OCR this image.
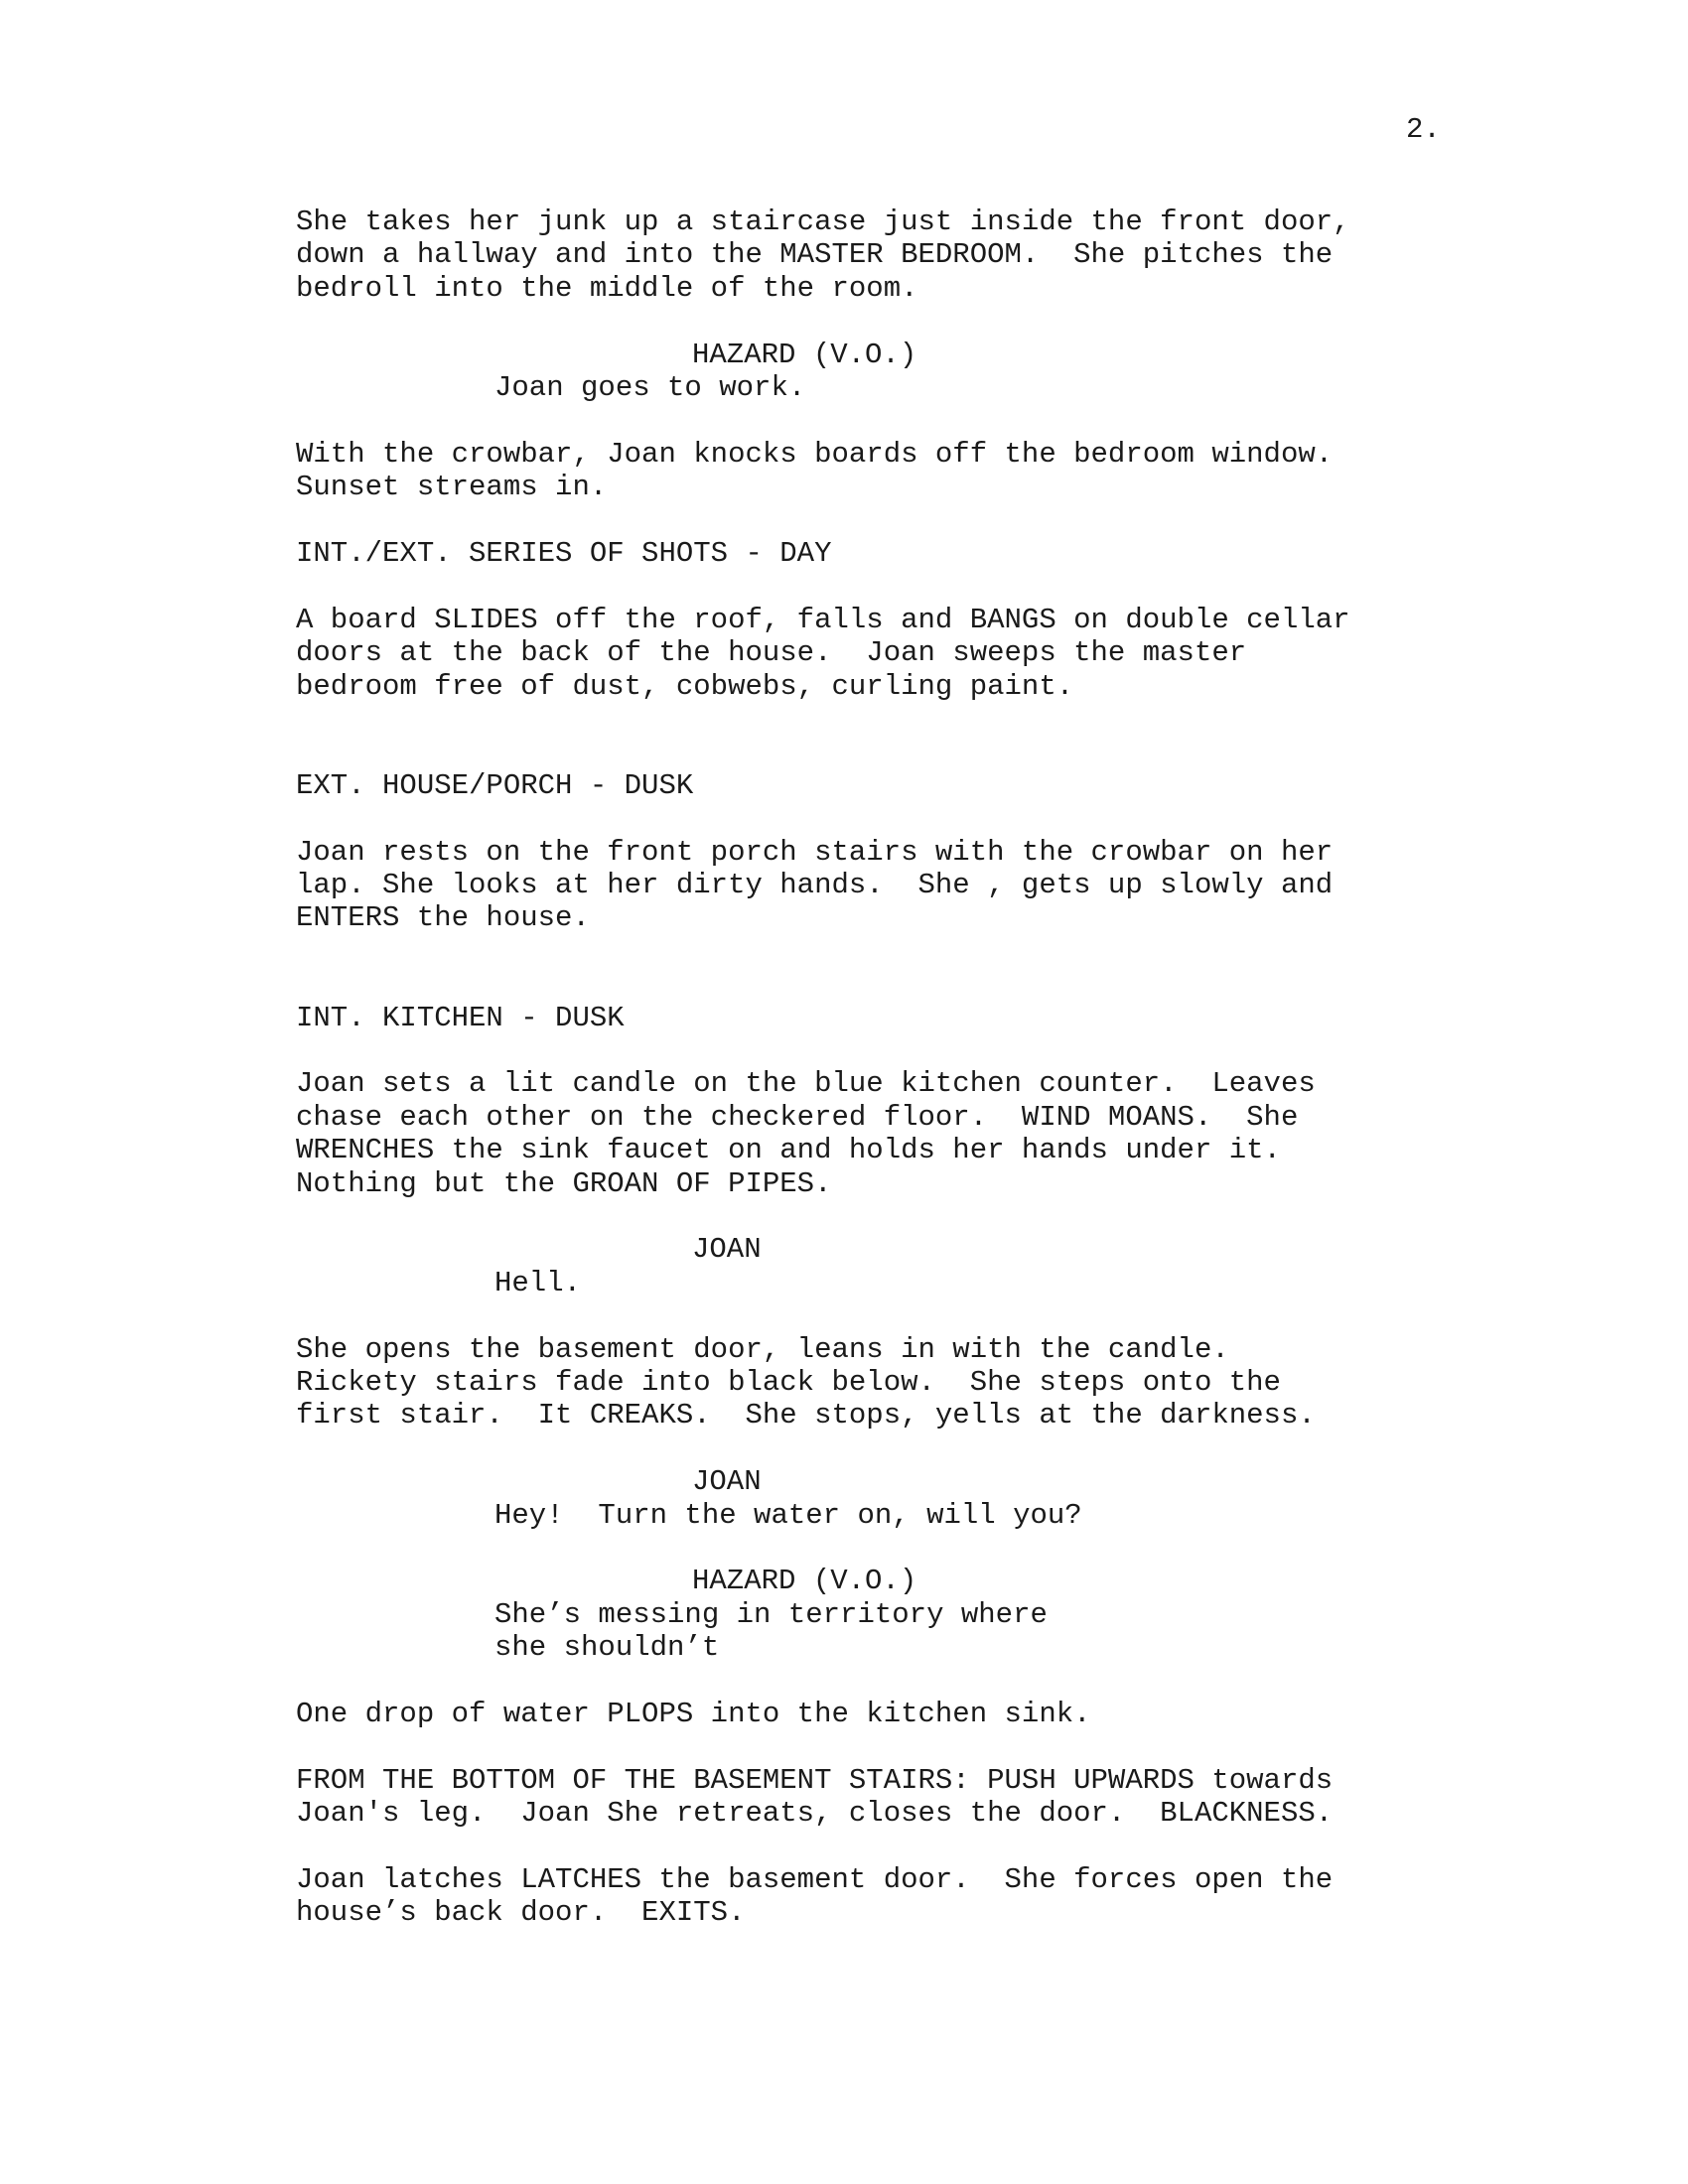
2.
She takes her junk up a staircase just inside the front door,
down a hallway and into the MASTER BEDROOM.  She pitches the
bedroll into the middle of the room.
HAZARD (V.O.)
Joan goes to work.
With the crowbar, Joan knocks boards off the bedroom window.
Sunset streams in.
INT./EXT. SERIES OF SHOTS - DAY
A board SLIDES off the roof, falls and BANGS on double cellar
doors at the back of the house.  Joan sweeps the master
bedroom free of dust, cobwebs, curling paint.
EXT. HOUSE/PORCH - DUSK
Joan rests on the front porch stairs with the crowbar on her
lap. She looks at her dirty hands.  She , gets up slowly and
ENTERS the house.
INT. KITCHEN - DUSK
Joan sets a lit candle on the blue kitchen counter.  Leaves
chase each other on the checkered floor.  WIND MOANS.  She
WRENCHES the sink faucet on and holds her hands under it.
Nothing but the GROAN OF PIPES.
JOAN
Hell.
She opens the basement door, leans in with the candle.
Rickety stairs fade into black below.  She steps onto the
first stair.  It CREAKS.  She stops, yells at the darkness.
JOAN
Hey!  Turn the water on, will you?
HAZARD (V.O.)
She’s messing in territory where
she shouldn’t
One drop of water PLOPS into the kitchen sink.
FROM THE BOTTOM OF THE BASEMENT STAIRS: PUSH UPWARDS towards
Joan's leg.  Joan She retreats, closes the door.  BLACKNESS.
Joan latches LATCHES the basement door.  She forces open the
house’s back door.  EXITS.
